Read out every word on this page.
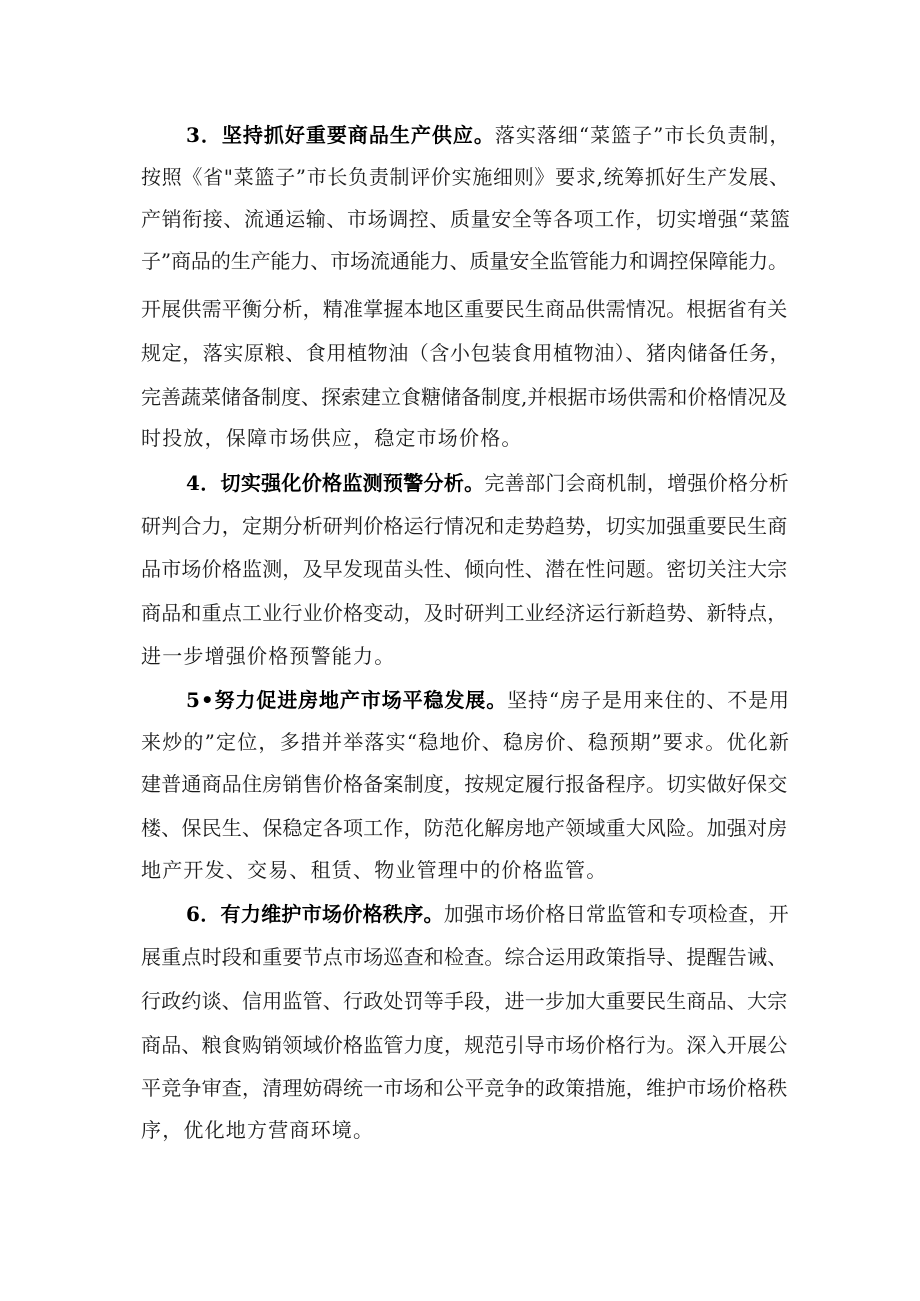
3．坚持抓好重要商品生产供应。落实落细“菜篮子”市长负责制，
按照《省"菜篮子”市长负责制评价实施细则》要求,统筹抓好生产发展、
产销衔接、流通运输、市场调控、质量安全等各项工作，切实增强“菜篮
子”商品的生产能力、市场流通能力、质量安全监管能力和调控保障能力。
开展供需平衡分析，精准掌握本地区重要民生商品供需情况。根据省有关
规定，落实原粮、食用植物油（含小包装食用植物油）、猪肉储备任务，
完善蔬菜储备制度、探索建立食糖储备制度,并根据市场供需和价格情况及
时投放，保障市场供应，稳定市场价格。
4．切实强化价格监测预警分析。完善部门会商机制，增强价格分析
研判合力，定期分析研判价格运行情况和走势趋势，切实加强重要民生商
品市场价格监测，及早发现苗头性、倾向性、潜在性问题。密切关注大宗
商品和重点工业行业价格变动，及时研判工业经济运行新趋势、新特点，
进一步增强价格预警能力。
5•努力促进房地产市场平稳发展。坚持“房子是用来住的、不是用
来炒的”定位，多措并举落实“稳地价、稳房价、稳预期”要求。优化新
建普通商品住房销售价格备案制度，按规定履行报备程序。切实做好保交
楼、保民生、保稳定各项工作，防范化解房地产领域重大风险。加强对房
地产开发、交易、租赁、物业管理中的价格监管。
6．有力维护市场价格秩序。加强市场价格日常监管和专项检查，开
展重点时段和重要节点市场巡查和检查。综合运用政策指导、提醒告诫、
行政约谈、信用监管、行政处罚等手段，进一步加大重要民生商品、大宗
商品、粮食购销领域价格监管力度，规范引导市场价格行为。深入开展公
平竞争审查，清理妨碍统一市场和公平竞争的政策措施，维护市场价格秩
序，优化地方营商环境。
